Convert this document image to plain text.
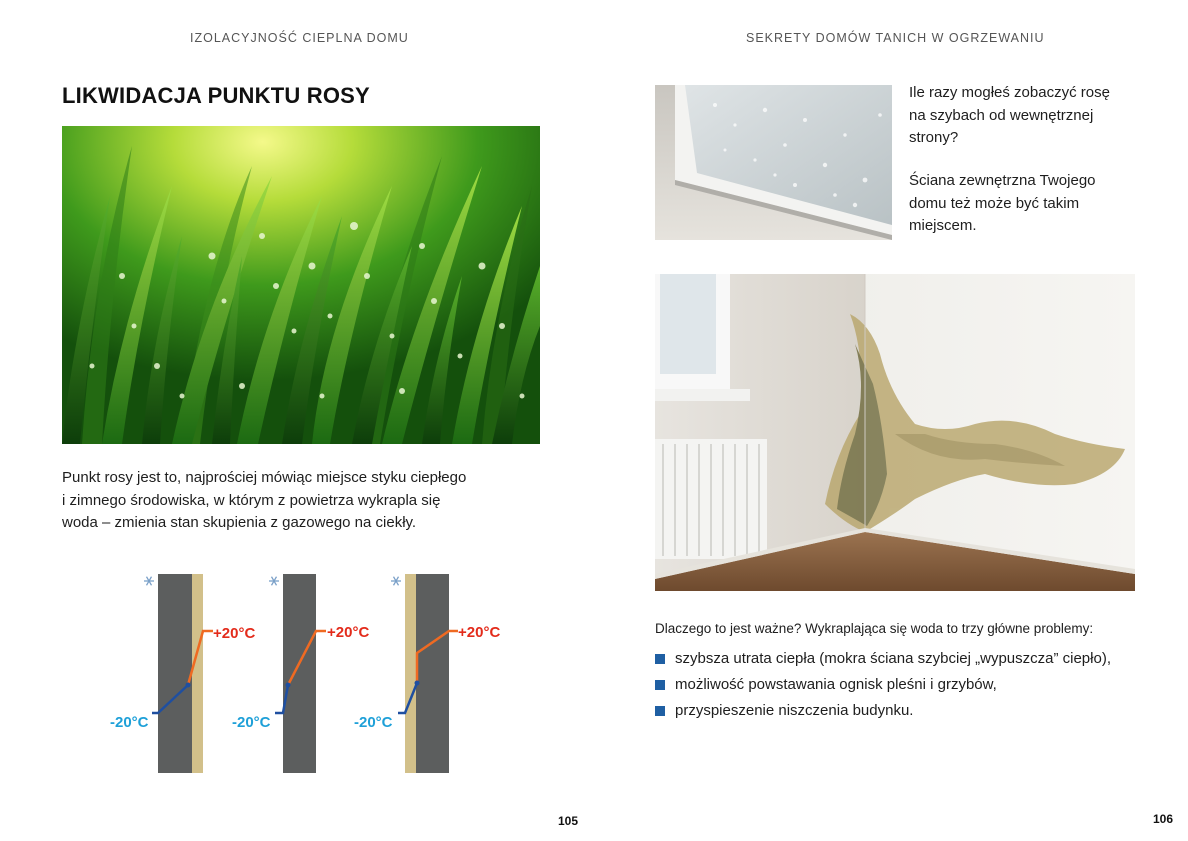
IZOLACYJNOŚĆ CIEPLNA DOMU
LIKWIDACJA PUNKTU ROSY
Punkt rosy jest to, najprościej mówiąc miejsce styku ciepłego
i zimnego środowiska, w którym z powietrza wykrapla się
woda – zmienia stan skupienia z gazowego na ciekły.
+20°C
-20°C
+20°C
-20°C
+20°C
-20°C
105
SEKRETY DOMÓW TANICH W OGRZEWANIU
Ile razy mogłeś zobaczyć rosę
na szybach od wewnętrznej
strony?
Ściana zewnętrzna Twojego
domu też może być takim
miejscem.
Dlaczego to jest ważne? Wykraplająca się woda to trzy główne problemy:
szybsza utrata ciepła (mokra ściana szybciej „wypuszcza” ciepło),
możliwość powstawania ognisk pleśni i grzybów,
przyspieszenie niszczenia budynku.
106
